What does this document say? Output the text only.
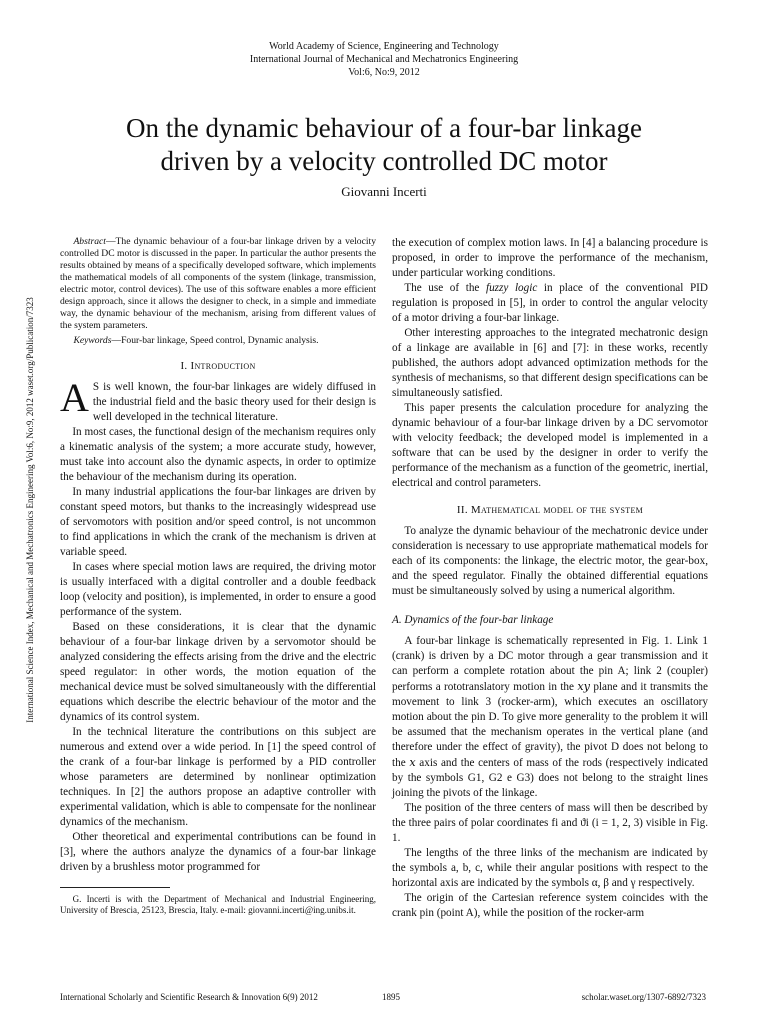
World Academy of Science, Engineering and Technology
International Journal of Mechanical and Mechatronics Engineering
Vol:6, No:9, 2012
On the dynamic behaviour of a four-bar linkage
driven by a velocity controlled DC motor
Giovanni Incerti
International Science Index, Mechanical and Mechatronics Engineering Vol:6, No:9, 2012 waset.org/Publication/7323

Abstract—The dynamic behaviour of a four-bar linkage driven by a velocity controlled DC motor is discussed in the paper. In particular the author presents the results obtained by means of a specifically developed software, which implements the mathematical models of all components of the system (linkage, transmission, electric motor, control devices). The use of this software enables a more efficient design approach, since it allows the designer to check, in a simple and immediate way, the dynamic behaviour of the mechanism, arising from different values of the system parameters.

Keywords—Four-bar linkage, Speed control, Dynamic analysis.

I. Introduction

A S is well known, the four-bar linkages are widely diffused in the industrial field and the basic theory used for their design is well developed in the technical literature.

In most cases, the functional design of the mechanism requires only a kinematic analysis of the system; a more accurate study, however, must take into account also the dynamic aspects, in order to optimize the behaviour of the mechanism during its operation.

In many industrial applications the four-bar linkages are driven by constant speed motors, but thanks to the increasingly widespread use of servomotors with position and/or speed control, is not uncommon to find applications in which the crank of the mechanism is driven at variable speed.

In cases where special motion laws are required, the driving motor is usually interfaced with a digital controller and a double feedback loop (velocity and position), is implemented, in order to ensure a good performance of the system.

Based on these considerations, it is clear that the dynamic behaviour of a four-bar linkage driven by a servomotor should be analyzed considering the effects arising from the drive and the electric speed regulator: in other words, the motion equation of the mechanical device must be solved simultaneously with the differential equations which describe the electric behaviour of the motor and the dynamics of its control system.

In the technical literature the contributions on this subject are numerous and extend over a wide period. In [1] the speed control of the crank of a four-bar linkage is performed by a PID controller whose parameters are determined by nonlinear optimization techniques. In [2] the authors propose an adaptive controller with experimental validation, which is able to compensate for the nonlinear dynamics of the mechanism.

Other theoretical and experimental contributions can be found in [3], where the authors analyze the dynamics of a four-bar linkage driven by a brushless motor programmed for

G. Incerti is with the Department of Mechanical and Industrial Engineering, University of Brescia, 25123, Brescia, Italy. e-mail: giovanni.incerti@ing.unibs.it.

the execution of complex motion laws. In [4] a balancing procedure is proposed, in order to improve the performance of the mechanism, under particular working conditions.

The use of the fuzzy logic in place of the conventional PID regulation is proposed in [5], in order to control the angular velocity of a motor driving a four-bar linkage.

Other interesting approaches to the integrated mechatronic design of a linkage are available in [6] and [7]: in these works, recently published, the authors adopt advanced optimization methods for the synthesis of mechanisms, so that different design specifications can be simultaneously satisfied.

This paper presents the calculation procedure for analyzing the dynamic behaviour of a four-bar linkage driven by a DC servomotor with velocity feedback; the developed model is implemented in a software that can be used by the designer in order to verify the performance of the mechanism as a function of the geometric, inertial, electrical and control parameters.

II. Mathematical model of the system

To analyze the dynamic behaviour of the mechatronic device under consideration is necessary to use appropriate mathematical models for each of its components: the linkage, the electric motor, the gear-box, and the speed regulator. Finally the obtained differential equations must be simultaneously solved by using a numerical algorithm.

A. Dynamics of the four-bar linkage

A four-bar linkage is schematically represented in Fig. 1. Link 1 (crank) is driven by a DC motor through a gear transmission and it can perform a complete rotation about the pin A; link 2 (coupler) performs a rototranslatory motion in the xy plane and it transmits the movement to link 3 (rocker-arm), which executes an oscillatory motion about the pin D. To give more generality to the problem it will be assumed that the mechanism operates in the vertical plane (and therefore under the effect of gravity), the pivot D does not belong to the x axis and the centers of mass of the rods (respectively indicated by the symbols G1, G2 e G3) does not belong to the straight lines joining the pivots of the linkage.

The position of the three centers of mass will then be described by the three pairs of polar coordinates fi and ϑi (i = 1, 2, 3) visible in Fig. 1.

The lengths of the three links of the mechanism are indicated by the symbols a, b, c, while their angular positions with respect to the horizontal axis are indicated by the symbols α, β and γ respectively.

The origin of the Cartesian reference system coincides with the crank pin (point A), while the position of the rocker-arm

International Scholarly and Scientific Research & Innovation 6(9) 2012	1895	scholar.waset.org/1307-6892/7323
